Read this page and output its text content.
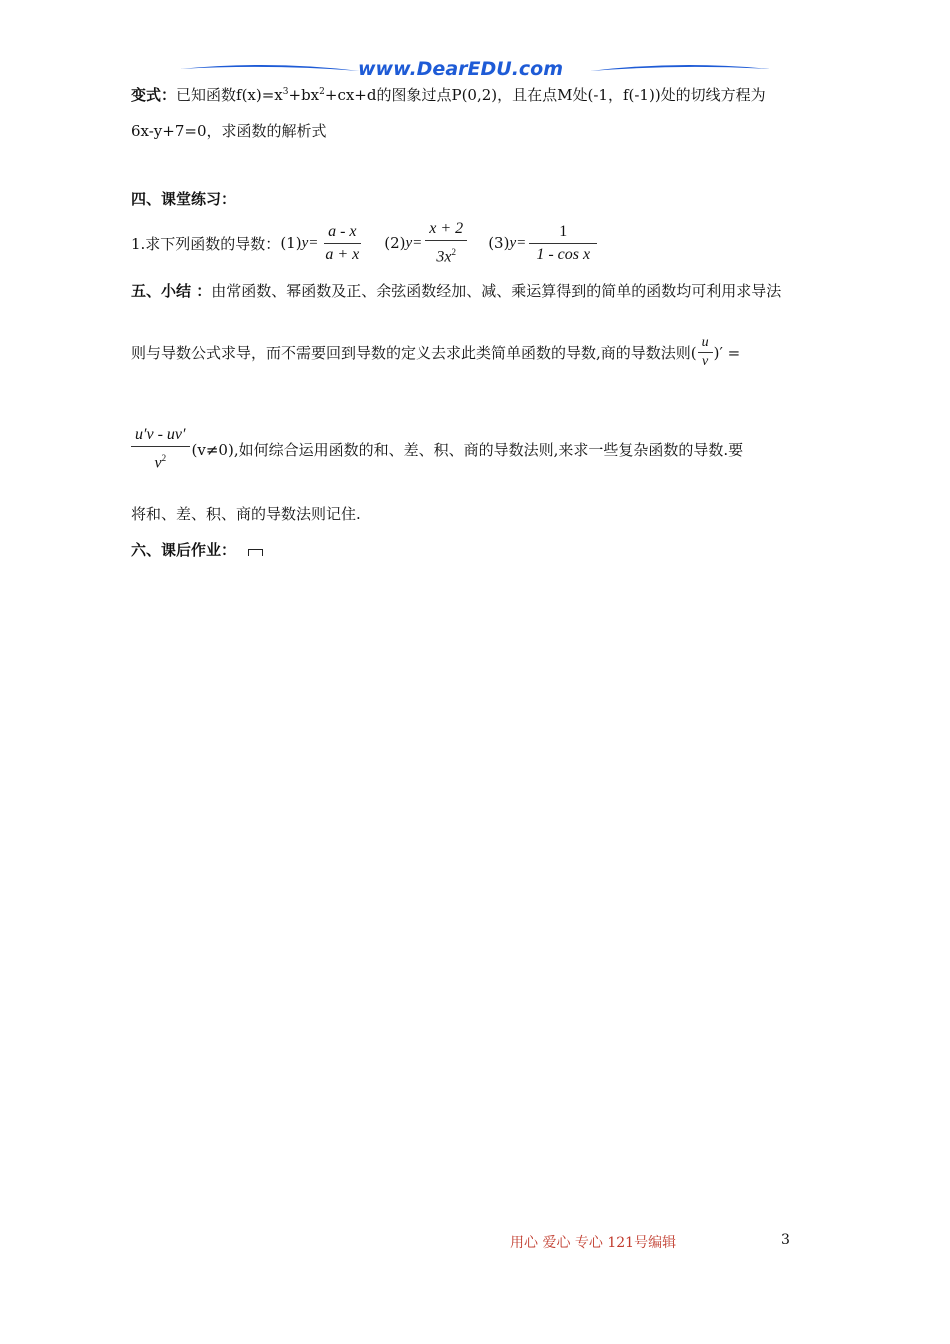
www.DearEDU.com
变式：已知函数$f(x)=x^3+bx^2+cx+d$的图象过点P(0,2)，且在点M处(-1，f(-1))处的切线方程为
6x-y+7=0，求函数的解析式
四、课堂练习：
1.求下列函数的导数： (1) $y= \frac{a - x}{a + x} (2)$ $y= \frac{x + 2}{3x^2} (3)$ $y= \frac{1}{\text{1 - cos x}}$
五、小结 ：由常函数、幂函数及正、余弦函数经加、减、乘运算得到的简单的函数均可利用求导法
则与导数公式求导，而不需要回到导数的定义去求此类简单函数的导数,商的导数法则( $\frac{u}{v}$ )′ =
$\frac{u'v - uv'}{v^2} (v\ne 0)$,如何综合运用函数的和、差、积、商的导数法则,来求一些复杂函数的导数.要
将和、差、积、商的导数法则记住.
六、课后作业：
用心 爱心 专心 121号编辑	3
